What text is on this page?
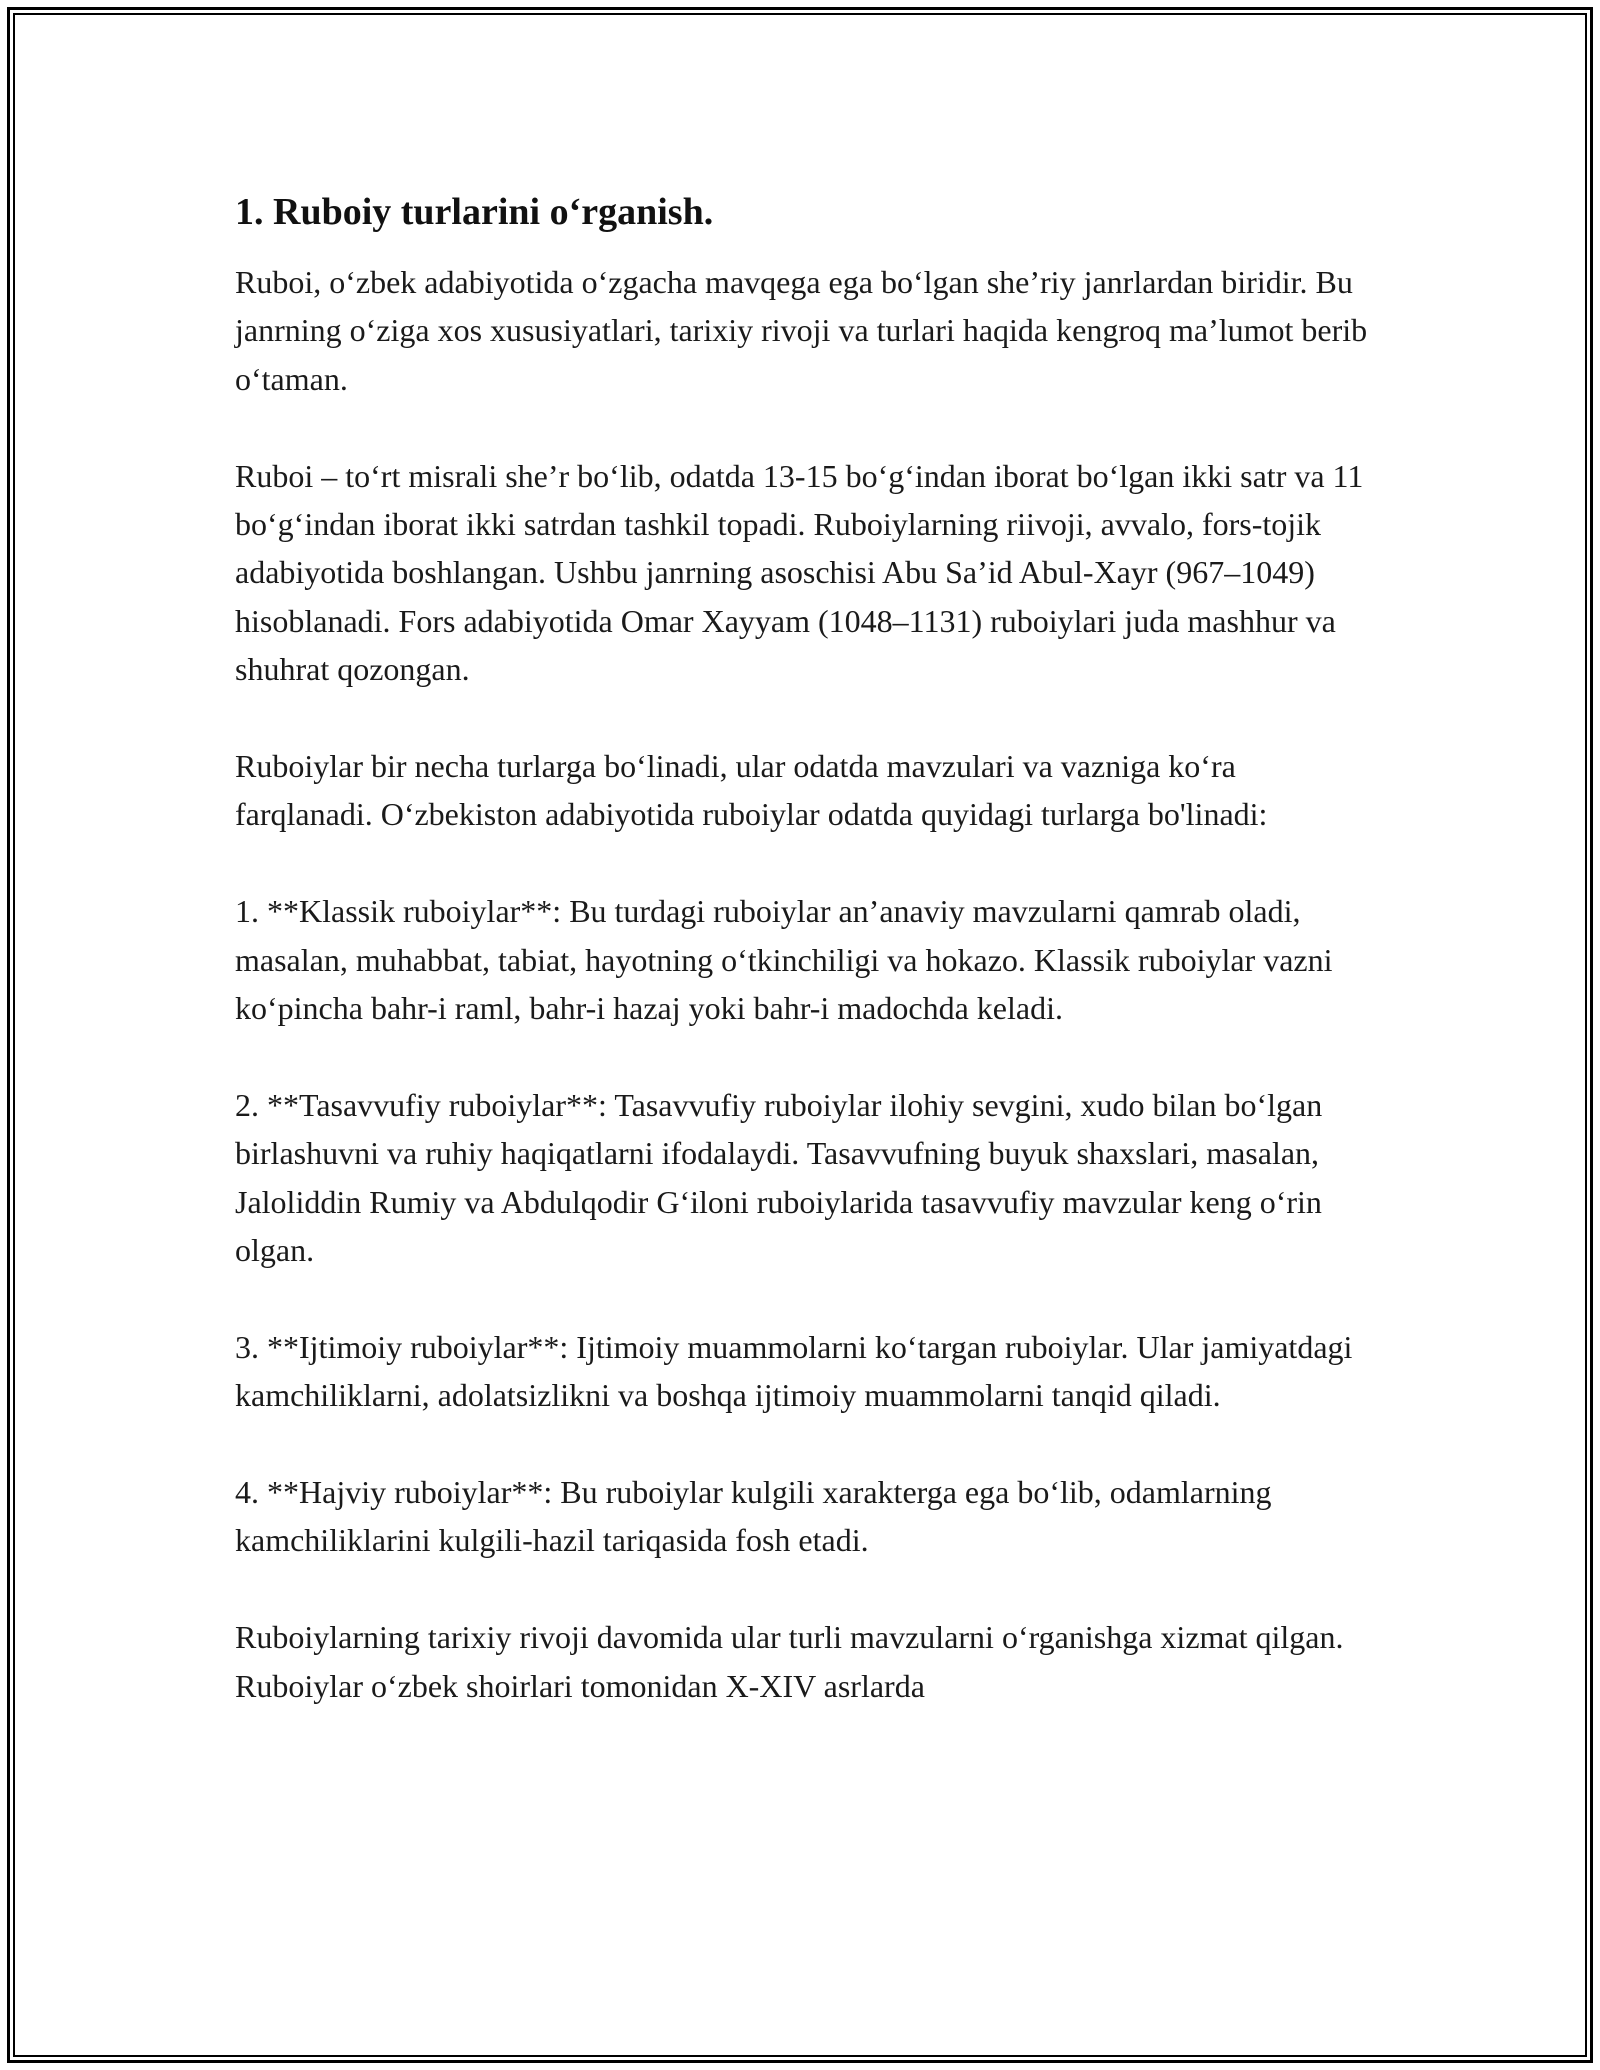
1. Ruboiy turlarini o‘rganish.

Ruboi, o‘zbek adabiyotida o‘zgacha mavqega ega bo‘lgan she’riy janrlardan biridir. Bu janrning o‘ziga xos xususiyatlari, tarixiy rivoji va turlari haqida kengroq ma’lumot berib o‘taman.

Ruboi – to‘rt misrali she’r bo‘lib, odatda 13-15 bo‘g‘indan iborat bo‘lgan ikki satr va 11 bo‘g‘indan iborat ikki satrdan tashkil topadi. Ruboiylarning riivoji, avvalo, fors-tojik adabiyotida boshlangan. Ushbu janrning asoschisi Abu Sa’id Abul-Xayr (967–1049) hisoblanadi. Fors adabiyotida Omar Xayyam (1048–1131) ruboiylari juda mashhur va shuhrat qozongan.

Ruboiylar bir necha turlarga bo‘linadi, ular odatda mavzulari va vazniga ko‘ra farqlanadi. O‘zbekiston adabiyotida ruboiylar odatda quyidagi turlarga bo'linadi:

1. **Klassik ruboiylar**: Bu turdagi ruboiylar an’anaviy mavzularni qamrab oladi, masalan, muhabbat, tabiat, hayotning o‘tkinchiligi va hokazo. Klassik ruboiylar vazni ko‘pincha bahr-i raml, bahr-i hazaj yoki bahr-i madochda keladi.

2. **Tasavvufiy ruboiylar**: Tasavvufiy ruboiylar ilohiy sevgini, xudo bilan bo‘lgan birlashuvni va ruhiy haqiqatlarni ifodalaydi. Tasavvufning buyuk shaxslari, masalan, Jaloliddin Rumiy va Abdulqodir G‘iloni ruboiylarida tasavvufiy mavzular keng o‘rin olgan.

3. **Ijtimoiy ruboiylar**: Ijtimoiy muammolarni ko‘targan ruboiylar. Ular jamiyatdagi kamchiliklarni, adolatsizlikni va boshqa ijtimoiy muammolarni tanqid qiladi.

4. **Hajviy ruboiylar**: Bu ruboiylar kulgili xarakterga ega bo‘lib, odamlarning kamchiliklarini kulgili-hazil tariqasida fosh etadi.

Ruboiylarning tarixiy rivoji davomida ular turli mavzularni o‘rganishga xizmat qilgan. Ruboiylar o‘zbek shoirlari tomonidan X-XIV asrlarda
